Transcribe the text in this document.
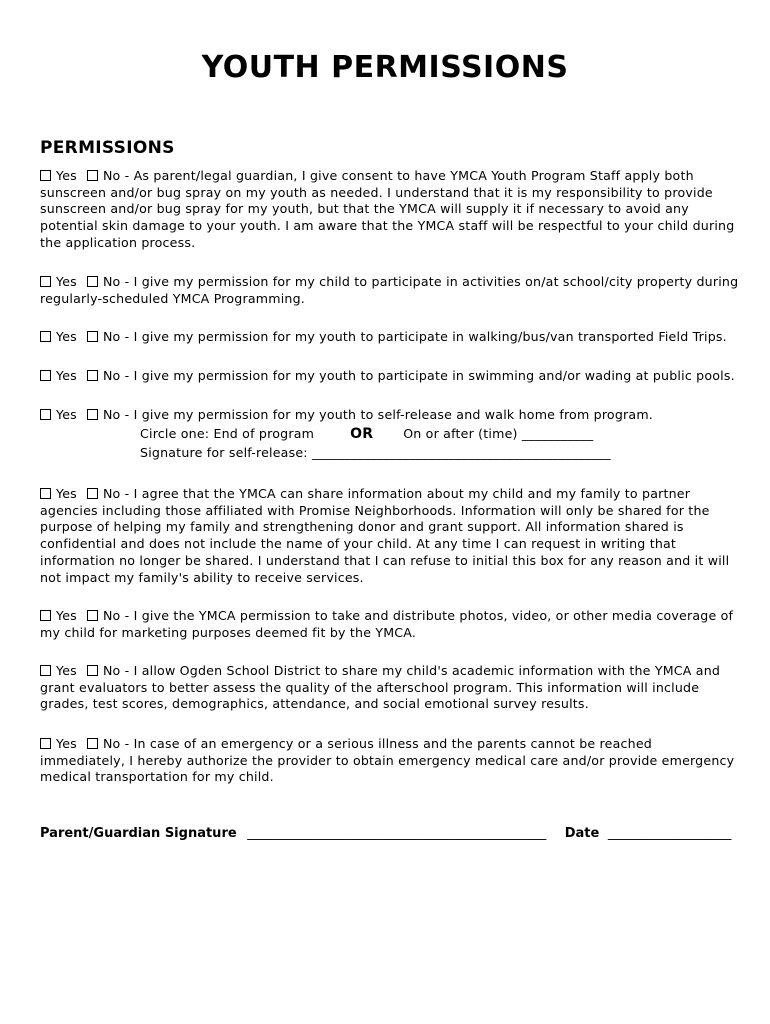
YOUTH PERMISSIONS
PERMISSIONS
Yes No - As parent/legal guardian, I give consent to have YMCA Youth Program Staff apply both sunscreen and/or bug spray on my youth as needed. I understand that it is my responsibility to provide sunscreen and/or bug spray for my youth, but that the YMCA will supply it if necessary to avoid any potential skin damage to your youth. I am aware that the YMCA staff will be respectful to your child during the application process.
Yes No - I give my permission for my child to participate in activities on/at school/city property during regularly-scheduled YMCA Programming.
Yes No - I give my permission for my youth to participate in walking/bus/van transported Field Trips.
Yes No - I give my permission for my youth to participate in swimming and/or wading at public pools.
Yes No - I give my permission for my youth to self-release and walk home from program.
Circle one: End of program	OR On or after (time) ___________
Signature for self-release: ______________________________________________
Yes No - I agree that the YMCA can share information about my child and my family to partner agencies including those affiliated with Promise Neighborhoods. Information will only be shared for the purpose of helping my family and strengthening donor and grant support. All information shared is confidential and does not include the name of your child. At any time I can request in writing that information no longer be shared. I understand that I can refuse to initial this box for any reason and it will not impact my family's ability to receive services.
Yes No - I give the YMCA permission to take and distribute photos, video, or other media coverage of my child for marketing purposes deemed fit by the YMCA.
Yes No - I allow Ogden School District to share my child's academic information with the YMCA and grant evaluators to better assess the quality of the afterschool program. This information will include grades, test scores, demographics, attendance, and social emotional survey results.
Yes No - In case of an emergency or a serious illness and the parents cannot be reached immediately, I hereby authorize the provider to obtain emergency medical care and/or provide emergency medical transportation for my child.
Parent/Guardian Signature ______________________________________________ Date ___________________
